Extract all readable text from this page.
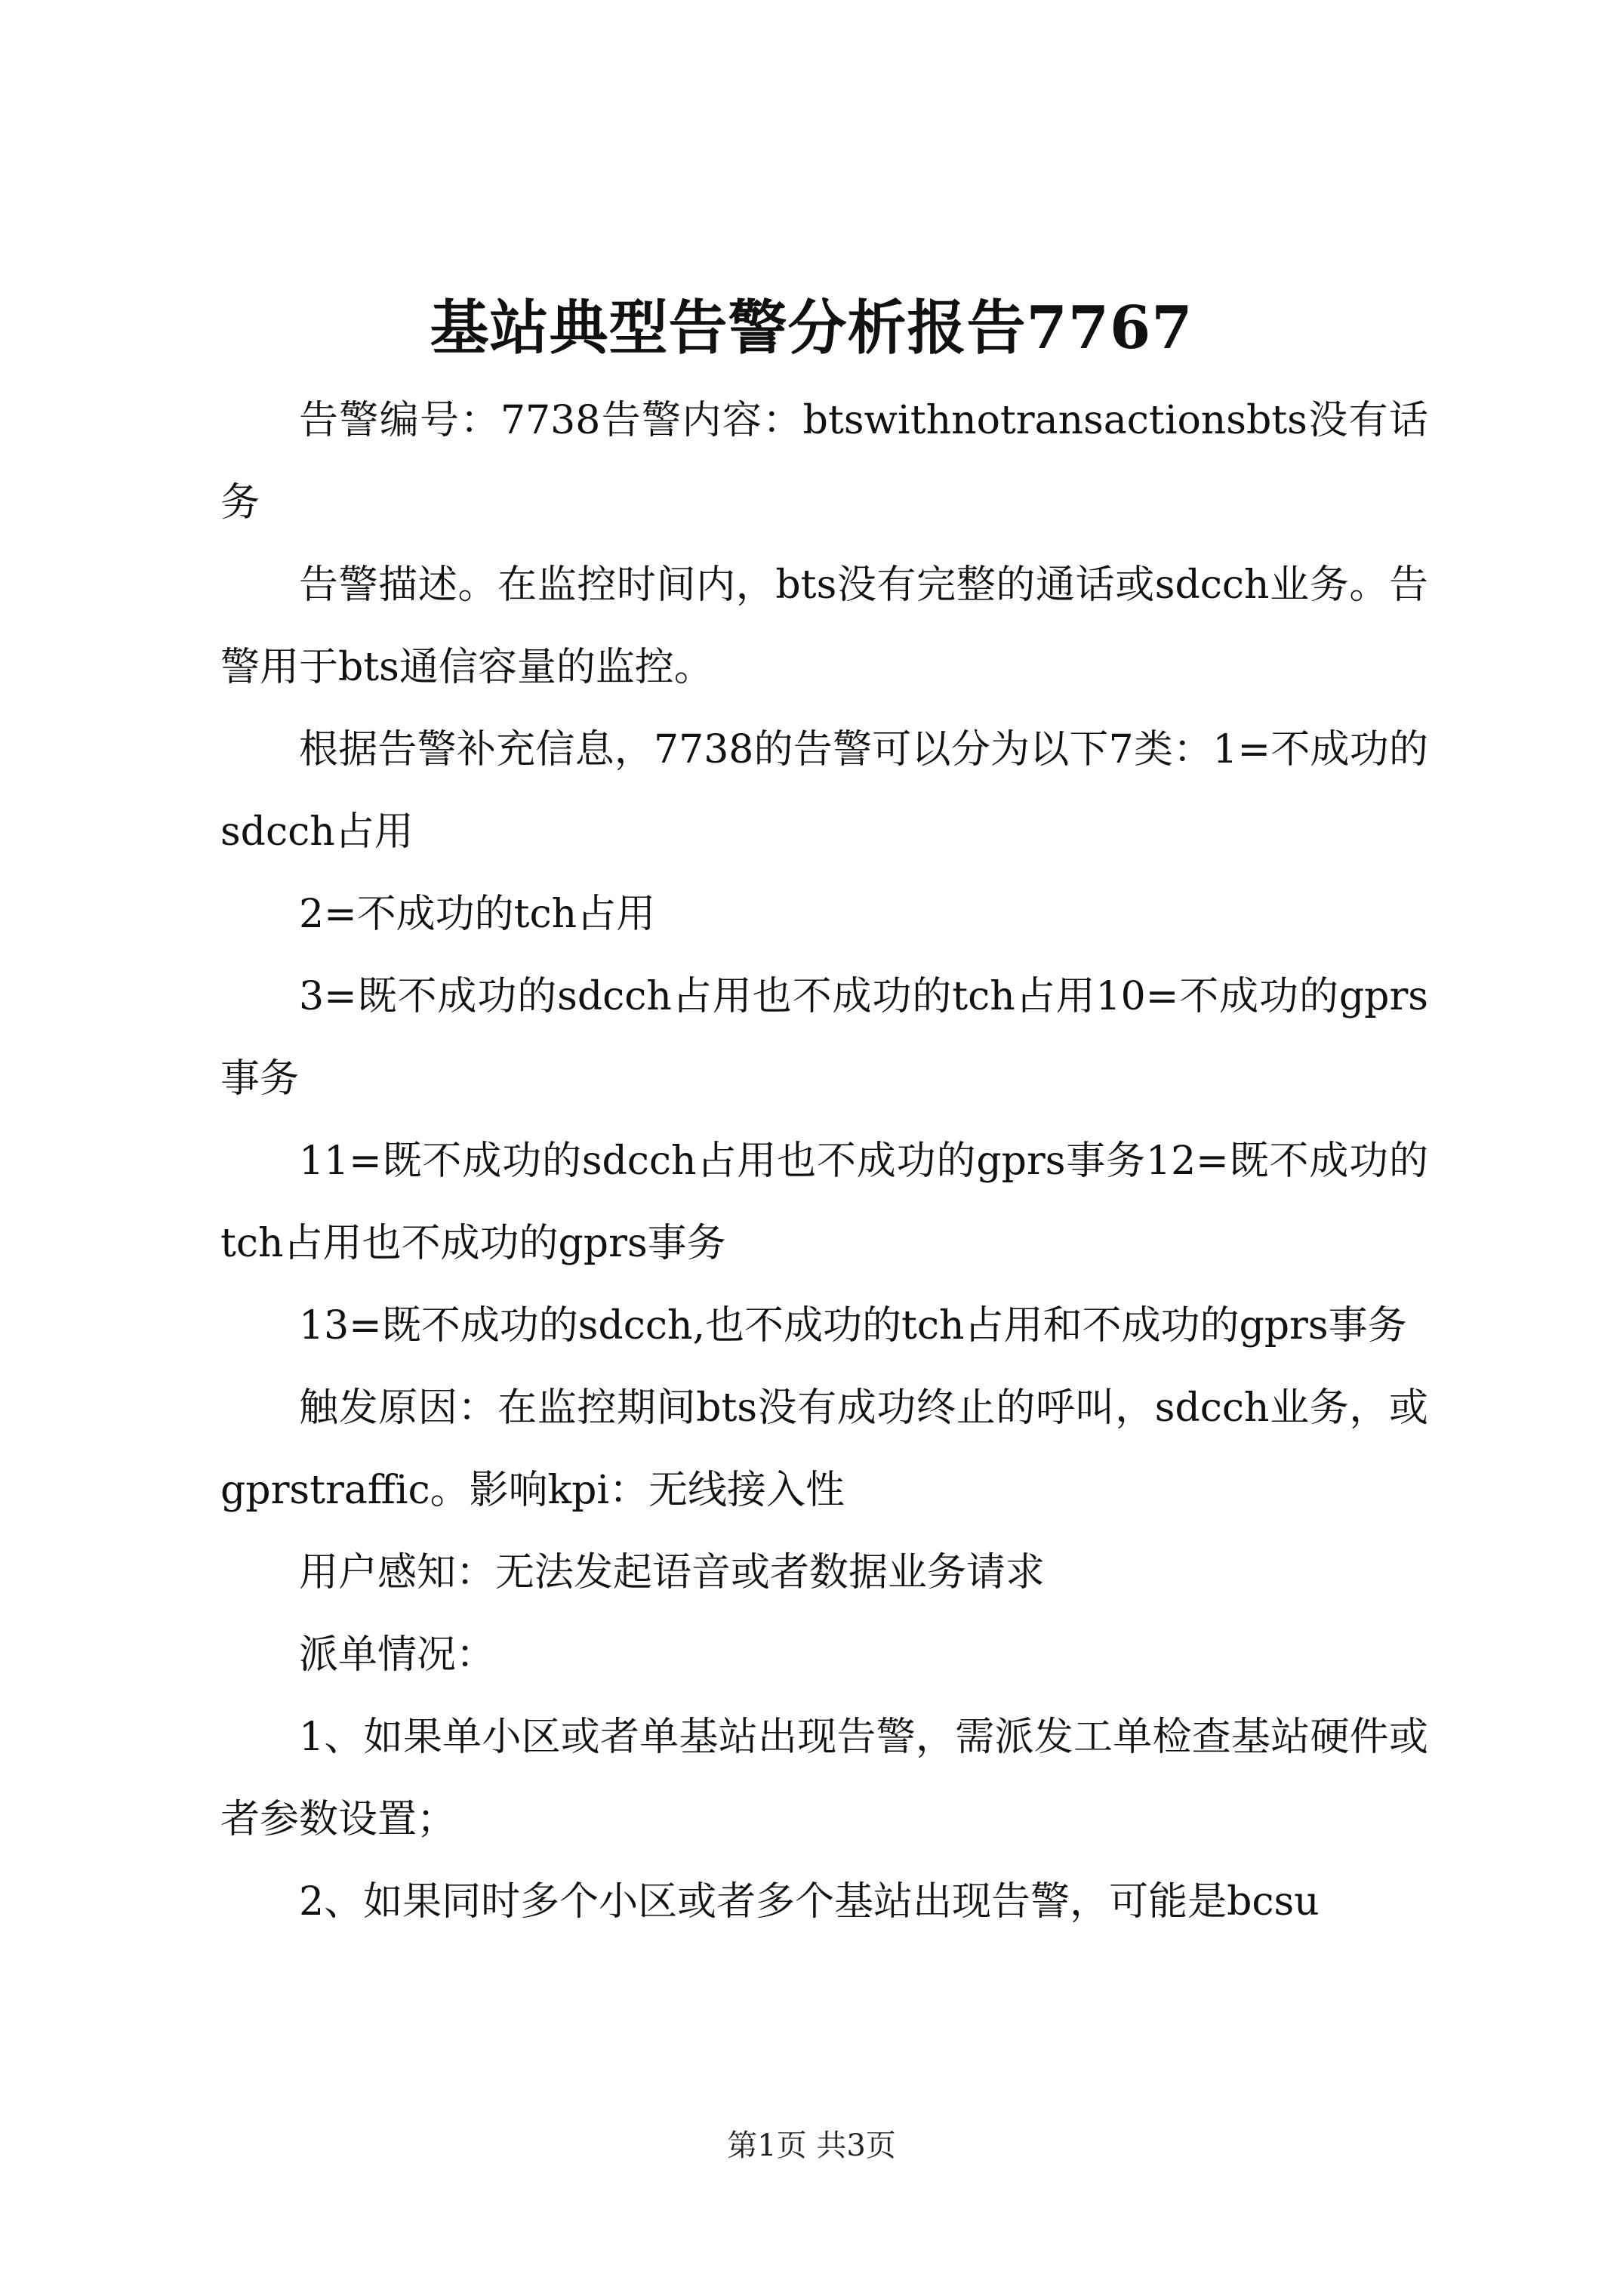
基站典型告警分析报告7767

告警编号：7738告警内容：btswithnotransactionsbts没有话务

告警描述。在监控时间内，bts没有完整的通话或sdcch业务。告警用于bts通信容量的监控。

根据告警补充信息，7738的告警可以分为以下7类：1=不成功的sdcch占用

2=不成功的tch占用

3=既不成功的sdcch占用也不成功的tch占用10=不成功的gprs事务

11=既不成功的sdcch占用也不成功的gprs事务12=既不成功的tch占用也不成功的gprs事务

13=既不成功的sdcch,也不成功的tch占用和不成功的gprs事务

触发原因：在监控期间bts没有成功终止的呼叫，sdcch业务，或gprstraffic。影响kpi：无线接入性

用户感知：无法发起语音或者数据业务请求

派单情况：

1、如果单小区或者单基站出现告警，需派发工单检查基站硬件或者参数设置；

2、如果同时多个小区或者多个基站出现告警，可能是bcsu

第1页 共3页
